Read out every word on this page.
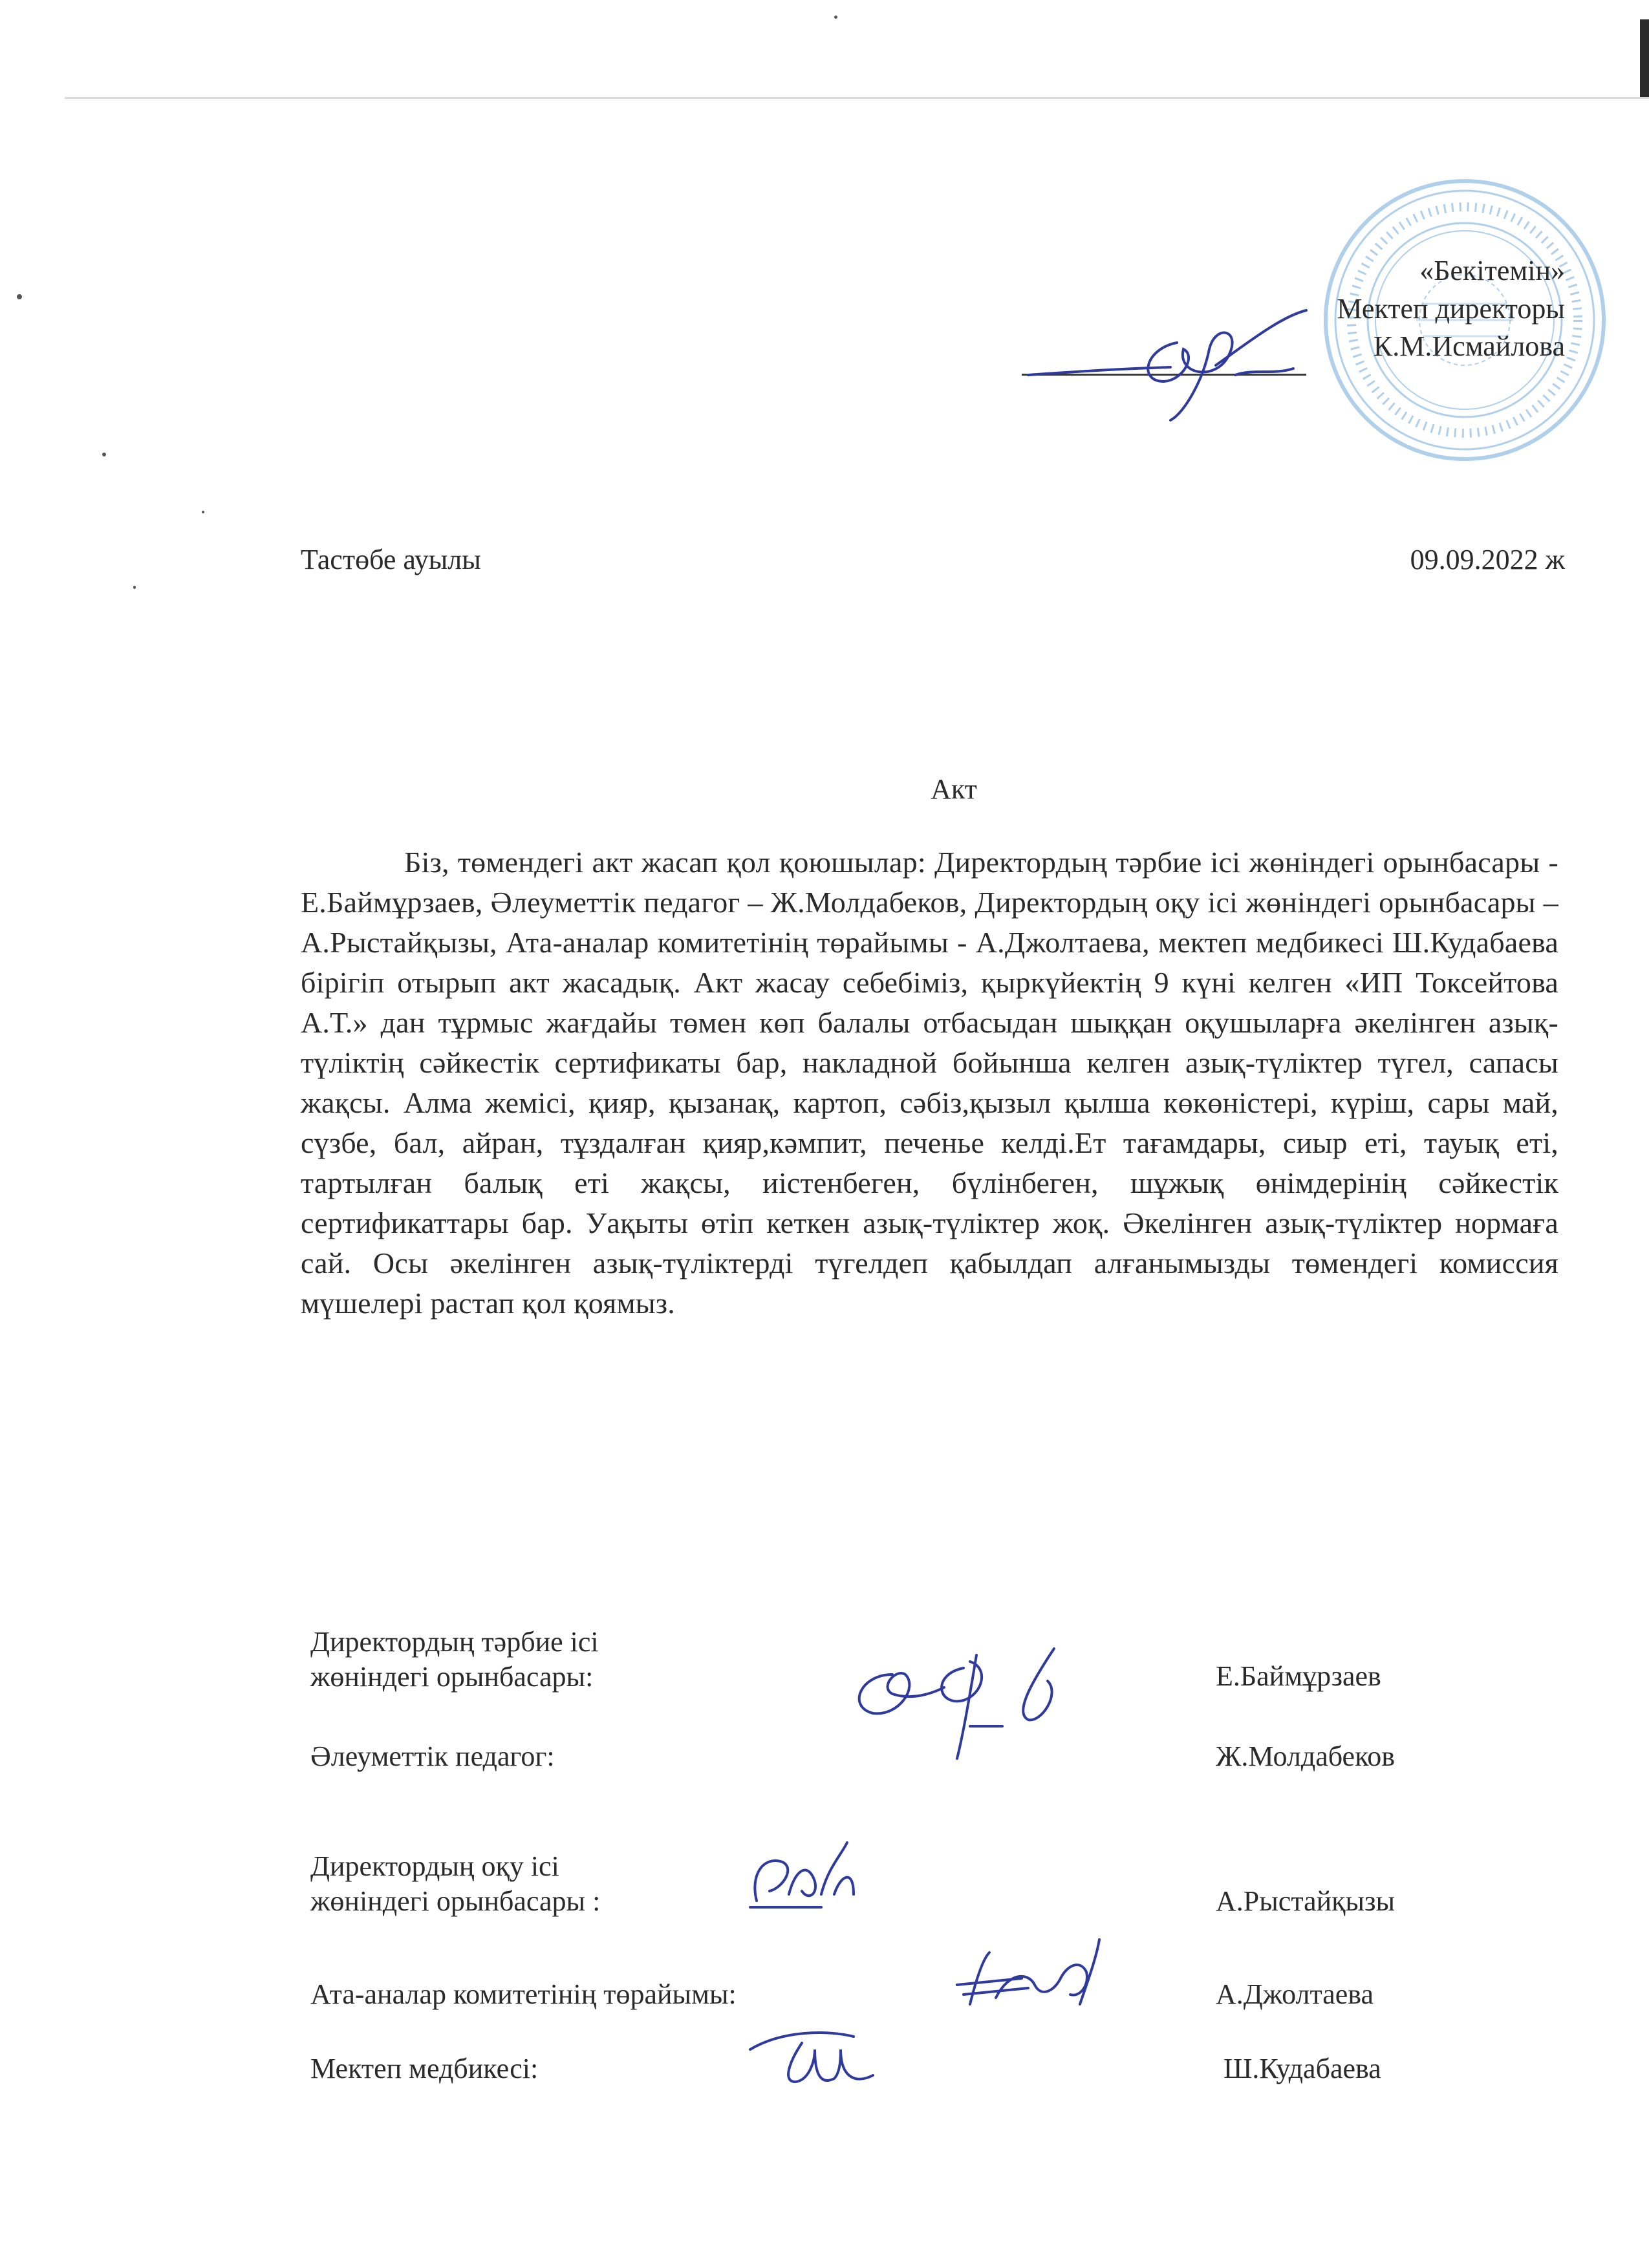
«Бекітемін»
Мектеп директоры
К.М.Исмайлова
Тастөбе ауылы	09.09.2022 ж
Акт
Біз, төмендегі акт жасап қол қоюшылар: Директордың тәрбие ісі жөніндегі орынбасары - Е.Баймұрзаев, Әлеуметтік педагог – Ж.Молдабеков, Директордың оқу ісі жөніндегі орынбасары – А.Рыстайқызы, Ата-аналар комитетінің төрайымы - А.Джолтаева, мектеп медбикесі Ш.Кудабаева бірігіп отырып акт жасадық. Акт жасау себебіміз, қыркүйектің 9 күні келген «ИП Токсейтова А.Т.» дан тұрмыс жағдайы төмен көп балалы отбасыдан шыққан оқушыларға әкелінген азық-түліктің сәйкестік сертификаты бар, накладной бойынша келген азық-түліктер түгел, сапасы жақсы. Алма жемісі, қияр, қызанақ, картоп, сәбіз,қызыл қылша көкөністері, күріш, сары май, сүзбе, бал, айран, тұздалған қияр,кәмпит, печенье келді.Ет тағамдары, сиыр еті, тауық еті, тартылған балық еті жақсы, иістенбеген, бүлінбеген, шұжық өнімдерінің сәйкестік сертификаттары бар. Уақыты өтіп кеткен азық-түліктер жоқ. Әкелінген азық-түліктер нормаға сай. Осы әкелінген азық-түліктерді түгелдеп қабылдап алғанымызды төмендегі комиссия мүшелері растап қол қоямыз.
Директордың тәрбие ісі
жөніндегі орынбасары:	Е.Баймұрзаев
Әлеуметтік педагог:	Ж.Молдабеков
Директордың оқу ісі
жөніндегі орынбасары :	А.Рыстайқызы
Ата-аналар комитетінің төрайымы:	А.Джолтаева
Мектеп медбикесі:	Ш.Кудабаева
